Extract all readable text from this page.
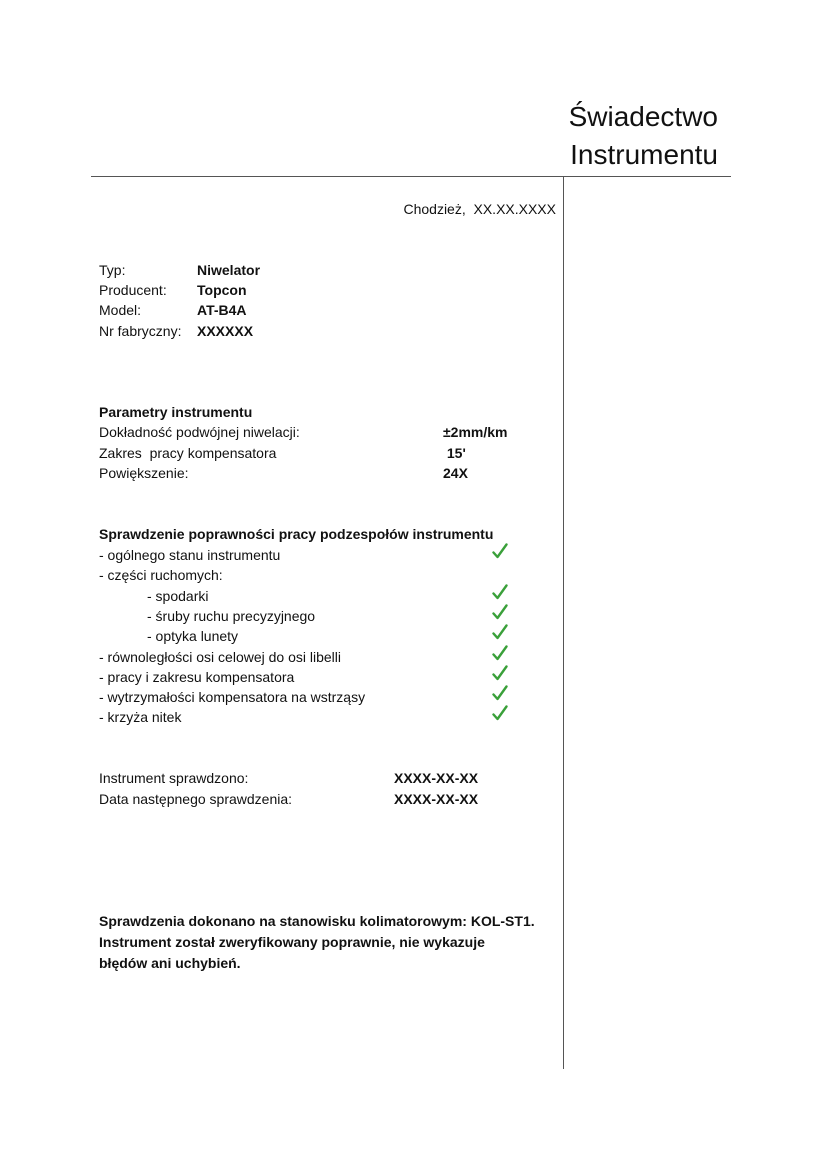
Świadectwo
Instrumentu
Chodzież,  XX.XX.XXXX

Typ:

	Niwelator

Producent:

Topcon

Model:

	AT-B4A

Nr fabryczny:

XXXXXX

Parametry instrumentu

Dokładność podwójnej niwelacji:

	±2mm/km

Zakres  pracy kompensatora

	15'

Powiększenie:

	24X

Sprawdzenie poprawności pracy podzespołów instrumentu
- ogólnego stanu instrumentu
- części ruchomych:
- spodarki
- śruby ruchu precyzyjnego
- optyka lunety
- równoległości osi celowej do osi libelli
- pracy i zakresu kompensatora
- wytrzymałości kompensatora na wstrząsy
- krzyża nitek

Instrument sprawdzono:

	XXXX-XX-XX

Data następnego sprawdzenia:

	XXXX-XX-XX

Sprawdzenia dokonano na stanowisku kolimatorowym: KOL-ST1.
Instrument został zweryfikowany poprawnie, nie wykazuje
błędów ani uchybień.
